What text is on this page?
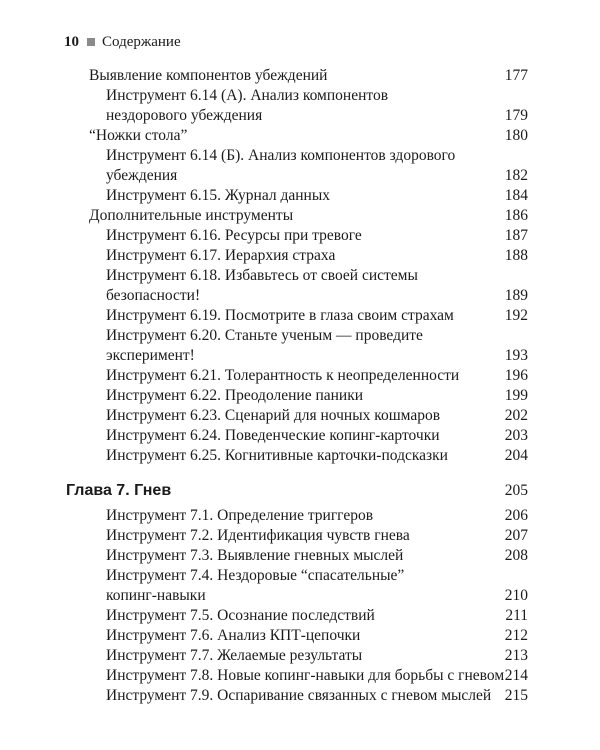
10 Содержание
Выявление компонентов убеждений	177
Инструмент 6.14 (А). Анализ компонентов
нездорового убеждения	179
“Ножки стола”	180
Инструмент 6.14 (Б). Анализ компонентов здорового
убеждения	182
Инструмент 6.15. Журнал данных	184
Дополнительные инструменты	186
Инструмент 6.16. Ресурсы при тревоге	187
Инструмент 6.17. Иерархия страха	188
Инструмент 6.18. Избавьтесь от своей системы
безопасности!	189
Инструмент 6.19. Посмотрите в глаза своим страхам	192
Инструмент 6.20. Станьте ученым — проведите
эксперимент!	193
Инструмент 6.21. Толерантность к неопределенности	196
Инструмент 6.22. Преодоление паники	199
Инструмент 6.23. Сценарий для ночных кошмаров	202
Инструмент 6.24. Поведенческие копинг-карточки	203
Инструмент 6.25. Когнитивные карточки-подсказки	204
Глава 7. Гнев	205
Инструмент 7.1. Определение триггеров	206
Инструмент 7.2. Идентификация чувств гнева	207
Инструмент 7.3. Выявление гневных мыслей	208
Инструмент 7.4. Нездоровые “спасательные”
копинг-навыки	210
Инструмент 7.5. Осознание последствий	211
Инструмент 7.6. Анализ КПТ-цепочки	212
Инструмент 7.7. Желаемые результаты	213
Инструмент 7.8. Новые копинг-навыки для борьбы с гневом 214
Инструмент 7.9. Оспаривание связанных с гневом мыслей 215
